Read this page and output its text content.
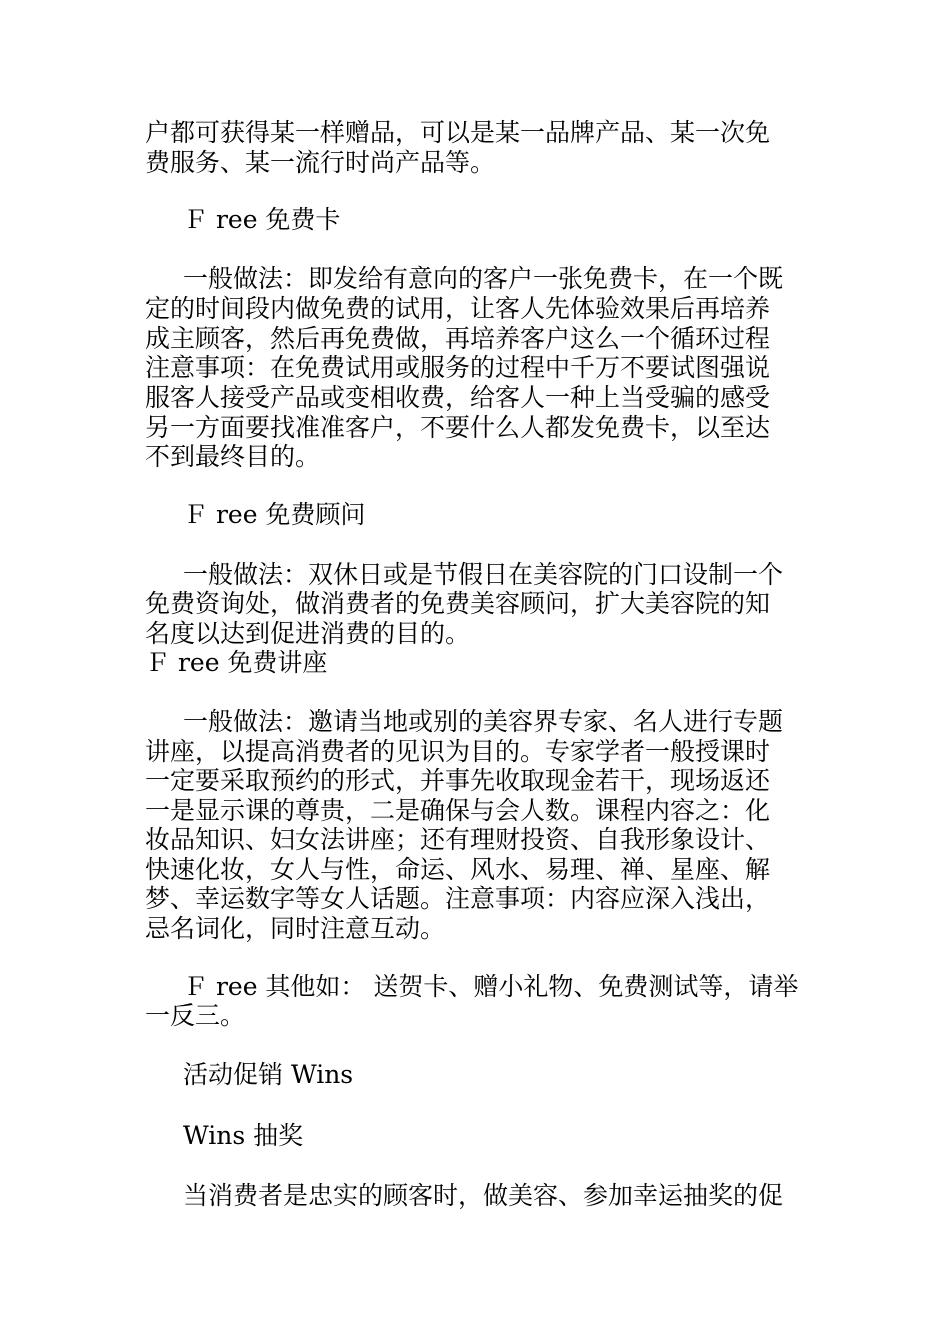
户都可获得某一样赠品，可以是某一品牌产品、某一次免
费服务、某一流行时尚产品等。
Ｆ ree 免费卡
一般做法：即发给有意向的客户一张免费卡，在一个既
定的时间段内做免费的试用，让客人先体验效果后再培养
成主顾客，然后再免费做，再培养客户这么一个循环过程
注意事项：在免费试用或服务的过程中千万不要试图强说
服客人接受产品或变相收费，给客人一种上当受骗的感受
另一方面要找准准客户，不要什么人都发免费卡，以至达
不到最终目的。
Ｆ ree 免费顾问
一般做法：双休日或是节假日在美容院的门口设制一个
免费资询处，做消费者的免费美容顾问，扩大美容院的知
名度以达到促进消费的目的。
Ｆ ree 免费讲座
一般做法：邀请当地或别的美容界专家、名人进行专题
讲座，以提高消费者的见识为目的。专家学者一般授课时
一定要采取预约的形式，并事先收取现金若干，现场返还
一是显示课的尊贵，二是确保与会人数。课程内容之：化
妆品知识、妇女法讲座；还有理财投资、自我形象设计、
快速化妆，女人与性，命运、风水、易理、禅、星座、解
梦、幸运数字等女人话题。注意事项：内容应深入浅出，
忌名词化，同时注意互动。
Ｆ ree 其他如： 送贺卡、赠小礼物、免费测试等，请举
一反三。
活动促销 Wins
Wins 抽奖
当消费者是忠实的顾客时，做美容、参加幸运抽奖的促
